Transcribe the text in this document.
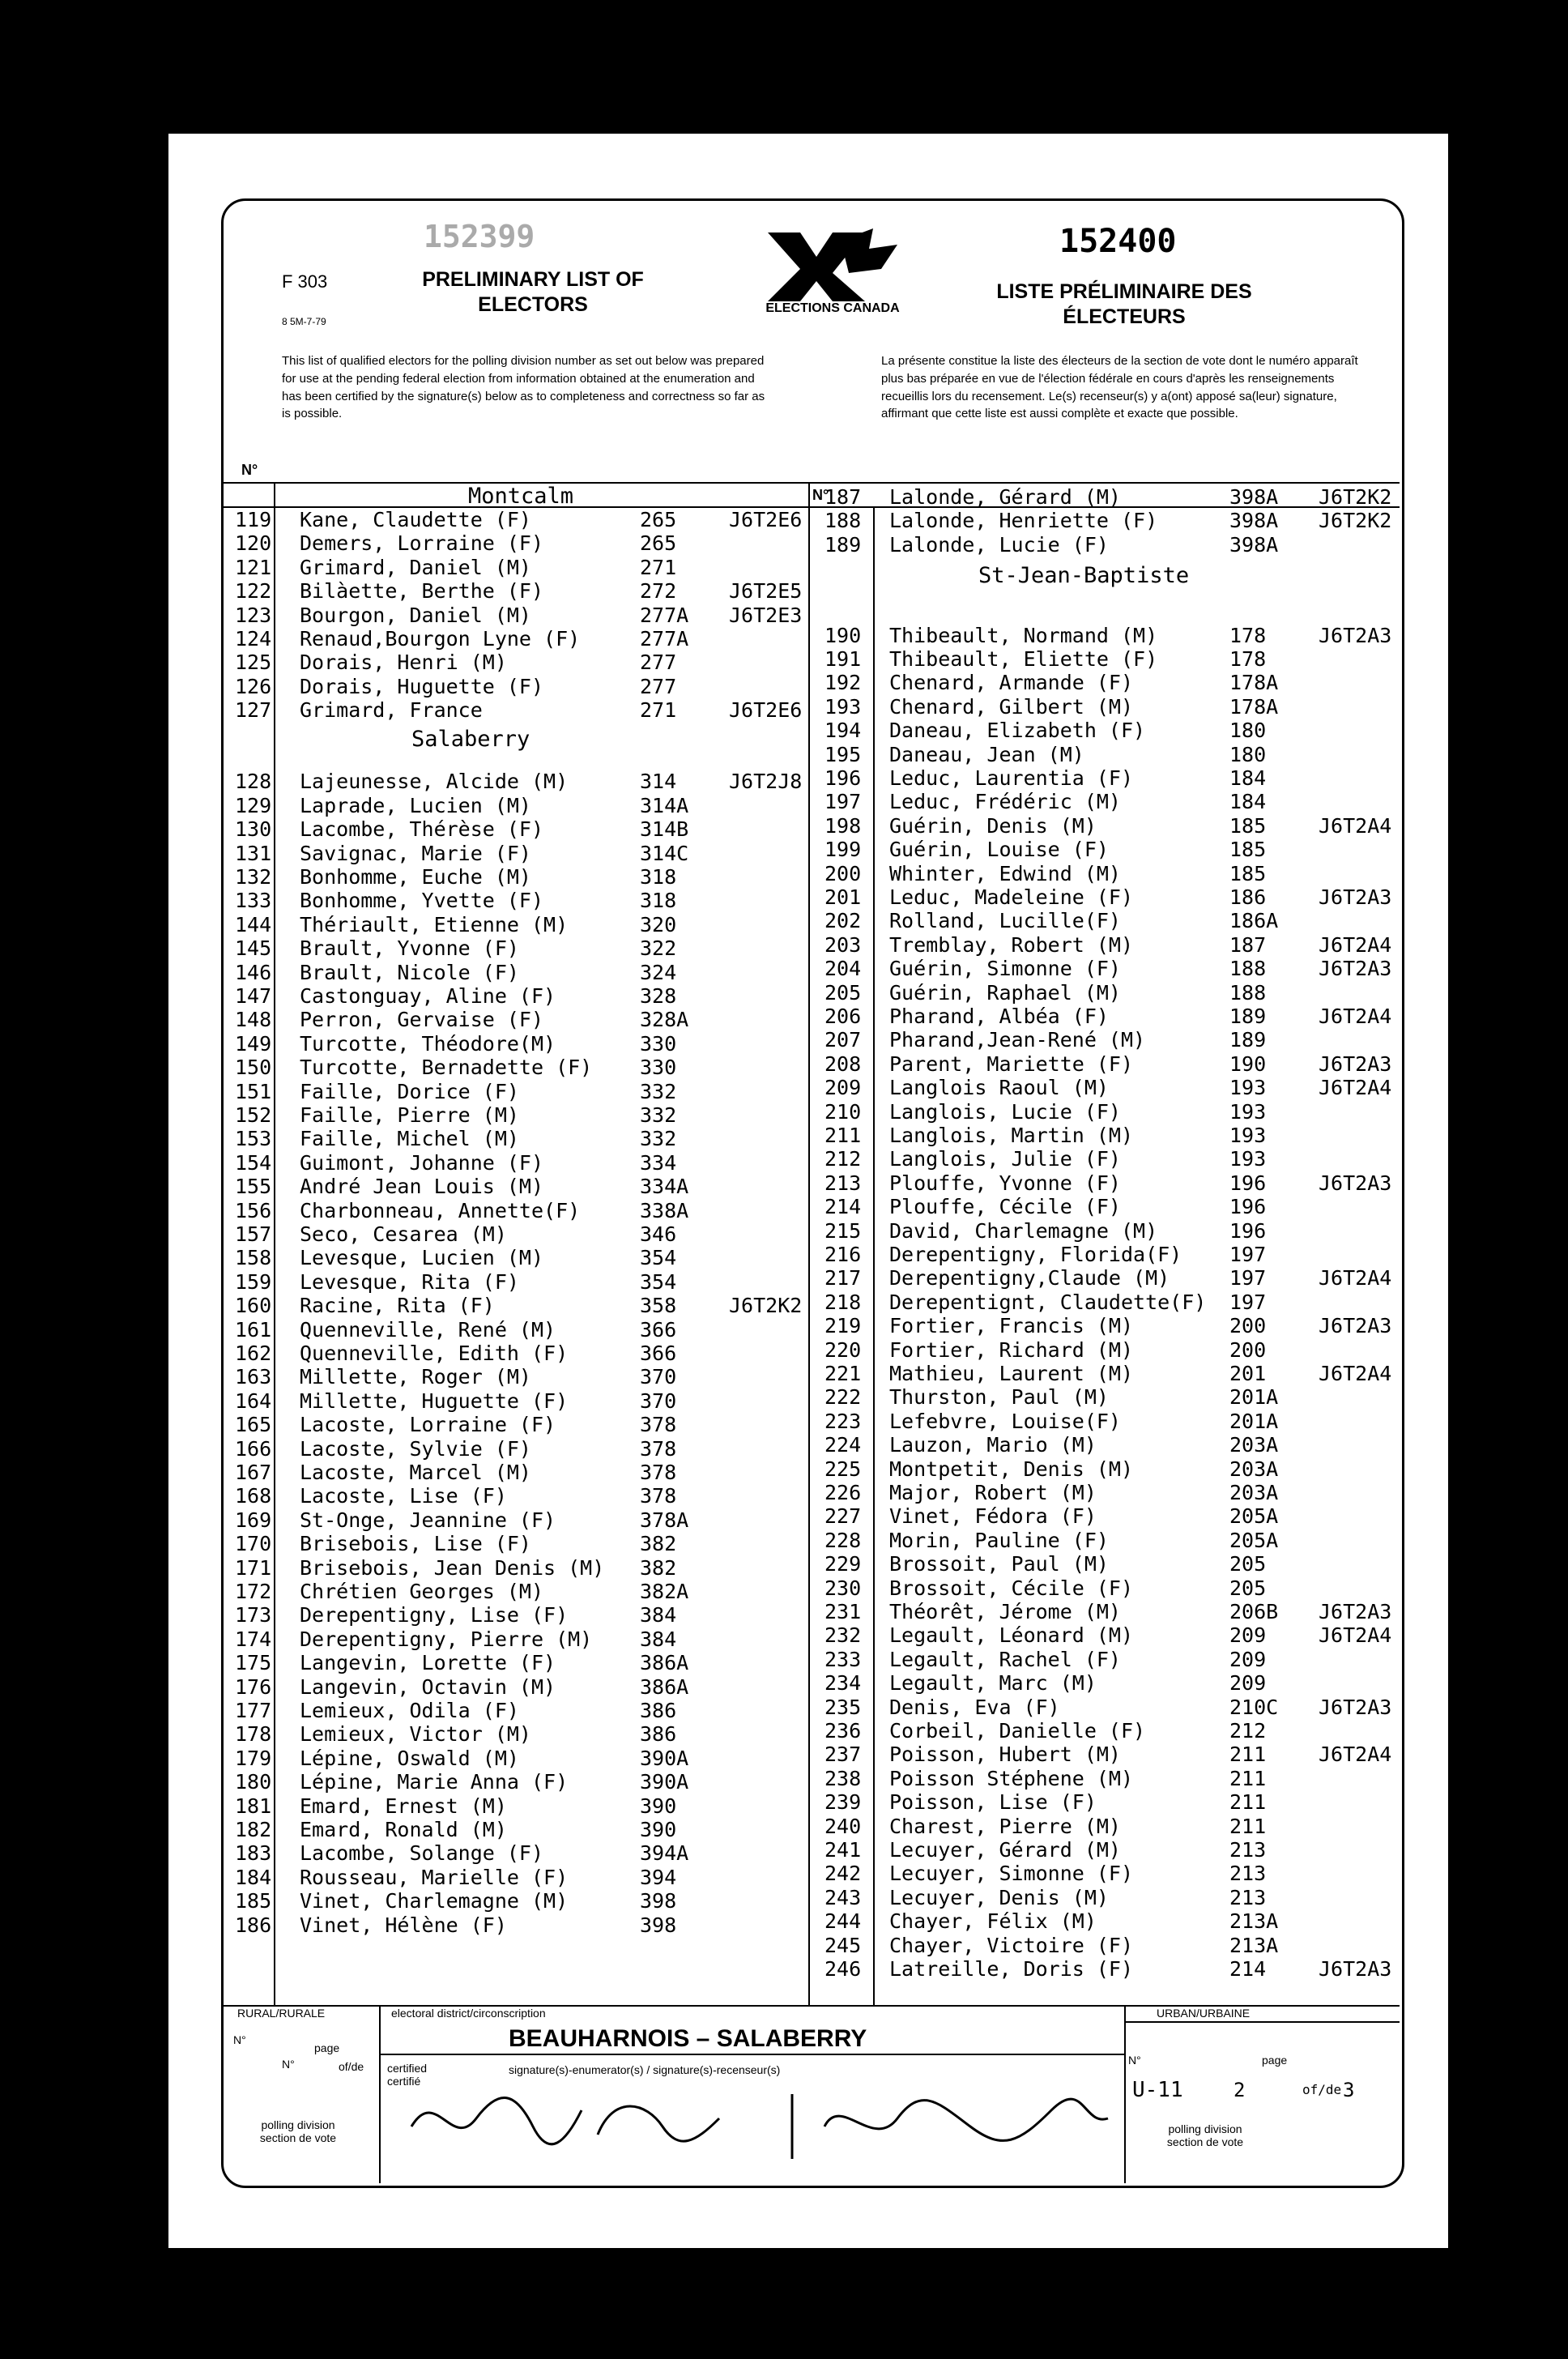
152399	152400
F 303
8 5M-7-79
PRELIMINARY LIST OF ELECTORS
LISTE PRÉLIMINAIRE DES ÉLECTEURS
ELECTIONS CANADA
This list of qualified electors for the polling division number as set out below was prepared for use at the pending federal election from information obtained at the enumeration and has been certified by the signature(s) below as to completeness and correctness so far as is possible.
La présente constitue la liste des électeurs de la section de vote dont le numéro apparaît plus bas préparée en vue de l'élection fédérale en cours d'après les renseignements recueillis lors du recensement. Le(s) recenseur(s) y a(ont) apposé sa(leur) signature, affirmant que cette liste est aussi complète et exacte que possible.
N°
N°
Montcalm
119 Kane, Claudette (F)	265	J6T2E6
120 Demers, Lorraine (F)	265
121 Grimard, Daniel (M)	271
122 Bilàette, Berthe (F)	272	J6T2E5
123 Bourgon, Daniel (M)	277A J6T2E3
124 Renaud,Bourgon Lyne (F)	277A
125 Dorais, Henri (M)	277
126 Dorais, Huguette (F)	277
127 Grimard, France	271	J6T2E6
Salaberry
128 Lajeunesse, Alcide (M)	314	J6T2J8
129 Laprade, Lucien (M)	314A
130 Lacombe, Thérèse (F)	314B
131 Savignac, Marie (F)	314C
132 Bonhomme, Euche (M)	318
133 Bonhomme, Yvette (F)	318
144 Thériault, Etienne (M)	320
145 Brault, Yvonne (F)	322
146 Brault, Nicole (F)	324
147 Castonguay, Aline (F)	328
148 Perron, Gervaise (F)	328A
149 Turcotte, Théodore(M)	330
150 Turcotte, Bernadette (F) 330
151 Faille, Dorice (F)	332
152 Faille, Pierre (M)	332
153 Faille, Michel (M)	332
154 Guimont, Johanne (F)	334
155 André Jean Louis (M)	334A
156 Charbonneau, Annette(F)	338A
157 Seco, Cesarea (M)	346
158 Levesque, Lucien (M)	354
159 Levesque, Rita (F)	354
160 Racine, Rita (F)	358	J6T2K2
161 Quenneville, René (M)	366
162 Quenneville, Edith (F)	366
163 Millette, Roger (M)	370
164 Millette, Huguette (F)	370
165 Lacoste, Lorraine (F)	378
166 Lacoste, Sylvie (F)	378
167 Lacoste, Marcel (M)	378
168 Lacoste, Lise (F)	378
169 St-Onge, Jeannine (F)	378A
170 Brisebois, Lise (F)	382
171 Brisebois, Jean Denis (M) 382
172 Chrétien Georges (M)	382A
173 Derepentigny, Lise (F)	384
174 Derepentigny, Pierre (M) 384
175 Langevin, Lorette (F)	386A
176 Langevin, Octavin (M)	386A
177 Lemieux, Odila (F)	386
178 Lemieux, Victor (M)	386
179 Lépine, Oswald (M)	390A
180 Lépine, Marie Anna (F)	390A
181 Emard, Ernest (M)	390
182 Emard, Ronald (M)	390
183 Lacombe, Solange (F)	394A
184 Rousseau, Marielle (F)	394
185 Vinet, Charlemagne (M)	398
186 Vinet, Hélène (F)	398
187 Lalonde, Gérard (M)	398A J6T2K2
188 Lalonde, Henriette (F)	398A J6T2K2
189 Lalonde, Lucie (F)	398A
St-Jean-Baptiste
190 Thibeault, Normand (M)	178	J6T2A3
191 Thibeault, Eliette (F)	178
192 Chenard, Armande (F)	178A
193 Chenard, Gilbert (M)	178A
194 Daneau, Elizabeth (F)	180
195 Daneau, Jean (M)	180
196 Leduc, Laurentia (F)	184
197 Leduc, Frédéric (M)	184
198 Guérin, Denis (M)	185	J6T2A4
199 Guérin, Louise (F)	185
200 Whinter, Edwind (M)	185
201 Leduc, Madeleine (F)	186	J6T2A3
202 Rolland, Lucille(F)	186A
203 Tremblay, Robert (M)	187	J6T2A4
204 Guérin, Simonne (F)	188	J6T2A3
205 Guérin, Raphael (M)	188
206 Pharand, Albéa (F)	189	J6T2A4
207 Pharand,Jean-René (M)	189
208 Parent, Mariette (F)	190	J6T2A3
209 Langlois Raoul (M)	193	J6T2A4
210 Langlois, Lucie (F)	193
211 Langlois, Martin (M)	193
212 Langlois, Julie (F)	193
213 Plouffe, Yvonne (F)	196	J6T2A3
214 Plouffe, Cécile (F)	196
215 David, Charlemagne (M)	196
216 Derepentigny, Florida(F) 197
217 Derepentigny,Claude (M)	197	J6T2A4
218 Derepentignt, Claudette(F) 197
219 Fortier, Francis (M)	200	J6T2A3
220 Fortier, Richard (M)	200
221 Mathieu, Laurent (M)	201	J6T2A4
222 Thurston, Paul (M)	201A
223 Lefebvre, Louise(F)	201A
224 Lauzon, Mario (M)	203A
225 Montpetit, Denis (M)	203A
226 Major, Robert (M)	203A
227 Vinet, Fédora (F)	205A
228 Morin, Pauline (F)	205A
229 Brossoit, Paul (M)	205
230 Brossoit, Cécile (F)	205
231 Théorêt, Jérome (M)	206B J6T2A3
232 Legault, Léonard (M)	209	J6T2A4
233 Legault, Rachel (F)	209
234 Legault, Marc (M)	209
235 Denis, Eva (F)	210C J6T2A3
236 Corbeil, Danielle (F)	212
237 Poisson, Hubert (M)	211	J6T2A4
238 Poisson Stéphene (M)	211
239 Poisson, Lise (F)	211
240 Charest, Pierre (M)	211
241 Lecuyer, Gérard (M)	213
242 Lecuyer, Simonne (F)	213
243 Lecuyer, Denis (M)	213
244 Chayer, Félix (M)	213A
245 Chayer, Victoire (F)	213A
246 Latreille, Doris (F)	214	J6T2A3
RURAL/RURALE	electoral district/circonscription
BEAUHARNOIS – SALABERRY
URBAN/URBAINE
N°
N°
page
of/de certified certifié
signature(s)-enumerator(s) / signature(s)-recenseur(s)
polling division section de vote
polling division section de vote
N°	page
U-11	2	of/de 3
